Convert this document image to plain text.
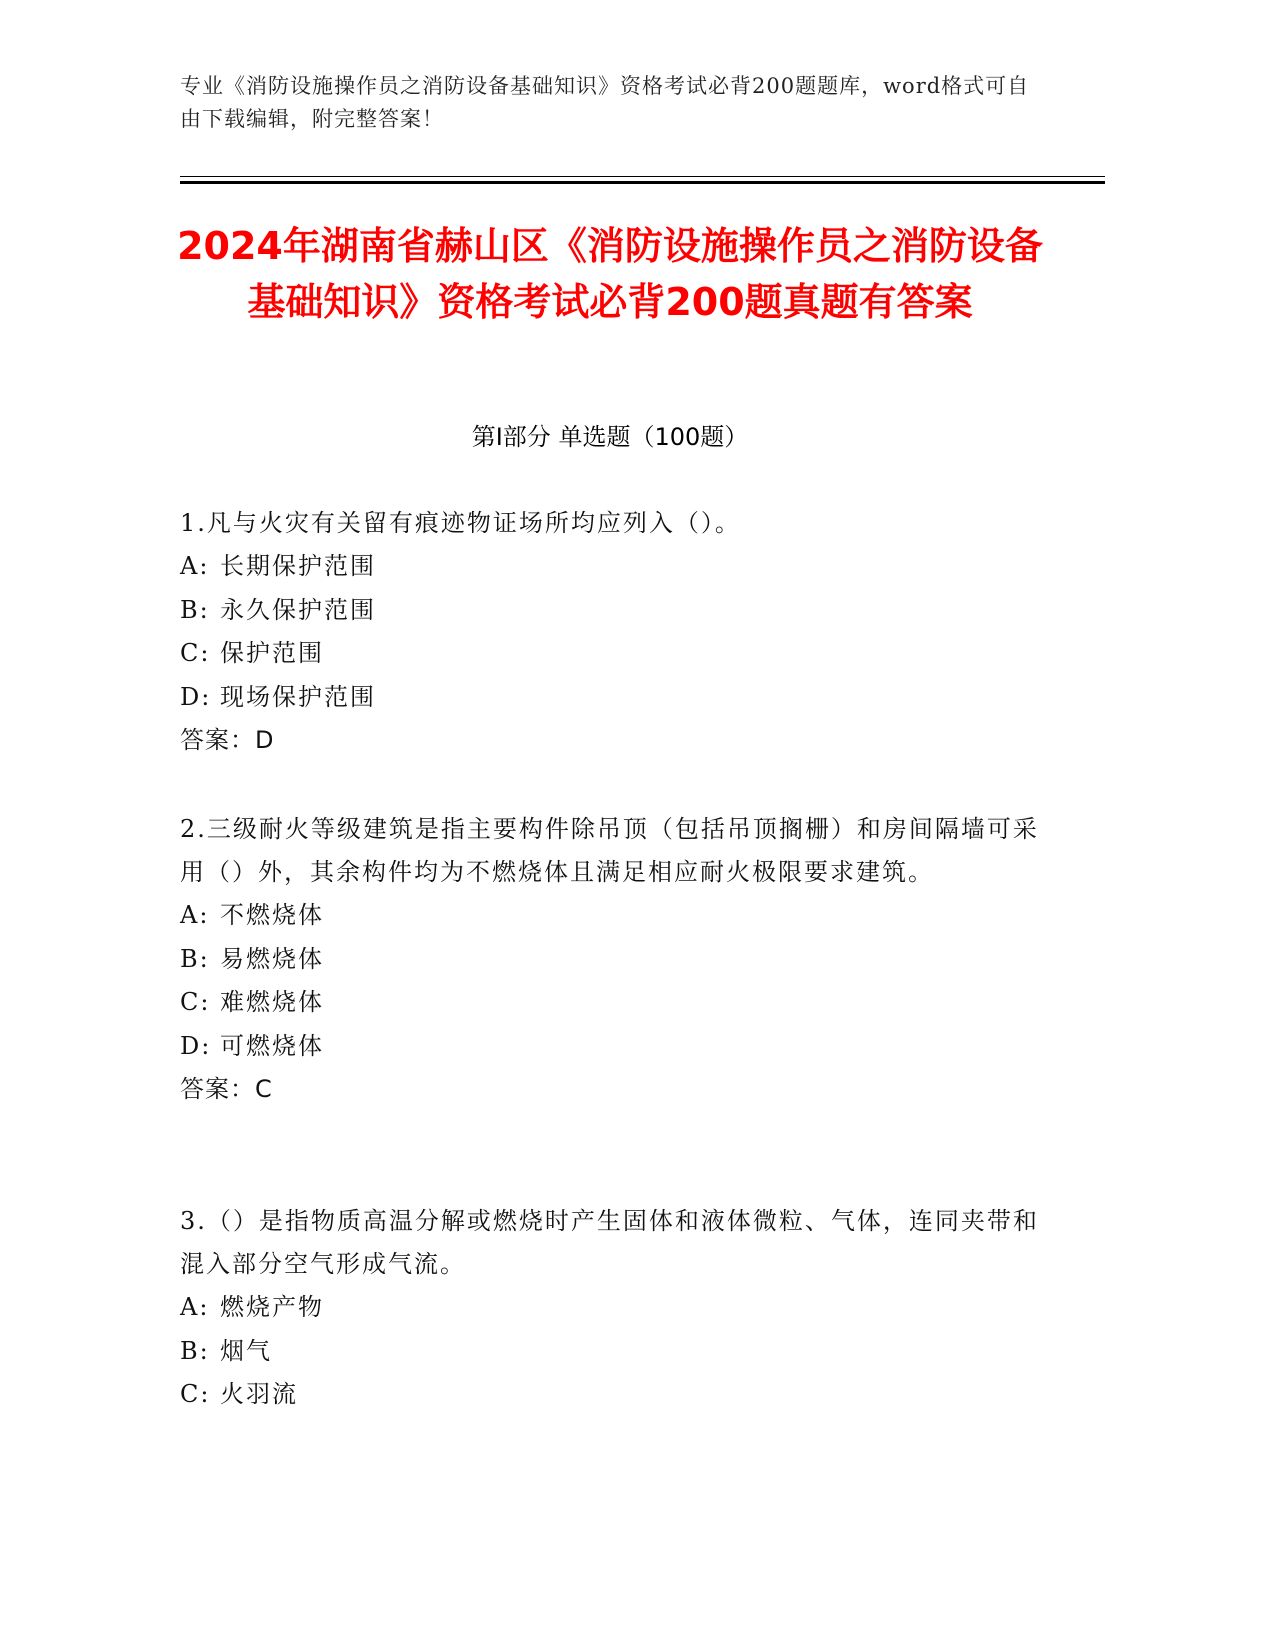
专业《消防设施操作员之消防设备基础知识》资格考试必背200题题库，word格式可自由下载编辑，附完整答案！
2024年湖南省赫山区《消防设施操作员之消防设备基础知识》资格考试必背200题真题有答案
第Ⅰ部分 单选题（100题）
1.凡与火灾有关留有痕迹物证场所均应列入（）。
A: 长期保护范围
B: 永久保护范围
C: 保护范围
D: 现场保护范围
答案：D
2.三级耐火等级建筑是指主要构件除吊顶（包括吊顶搁栅）和房间隔墙可采用（）外，其余构件均为不燃烧体且满足相应耐火极限要求建筑。
A: 不燃烧体
B: 易燃烧体
C: 难燃烧体
D: 可燃烧体
答案：C
3.（）是指物质高温分解或燃烧时产生固体和液体微粒、气体，连同夹带和混入部分空气形成气流。
A: 燃烧产物
B: 烟气
C: 火羽流
